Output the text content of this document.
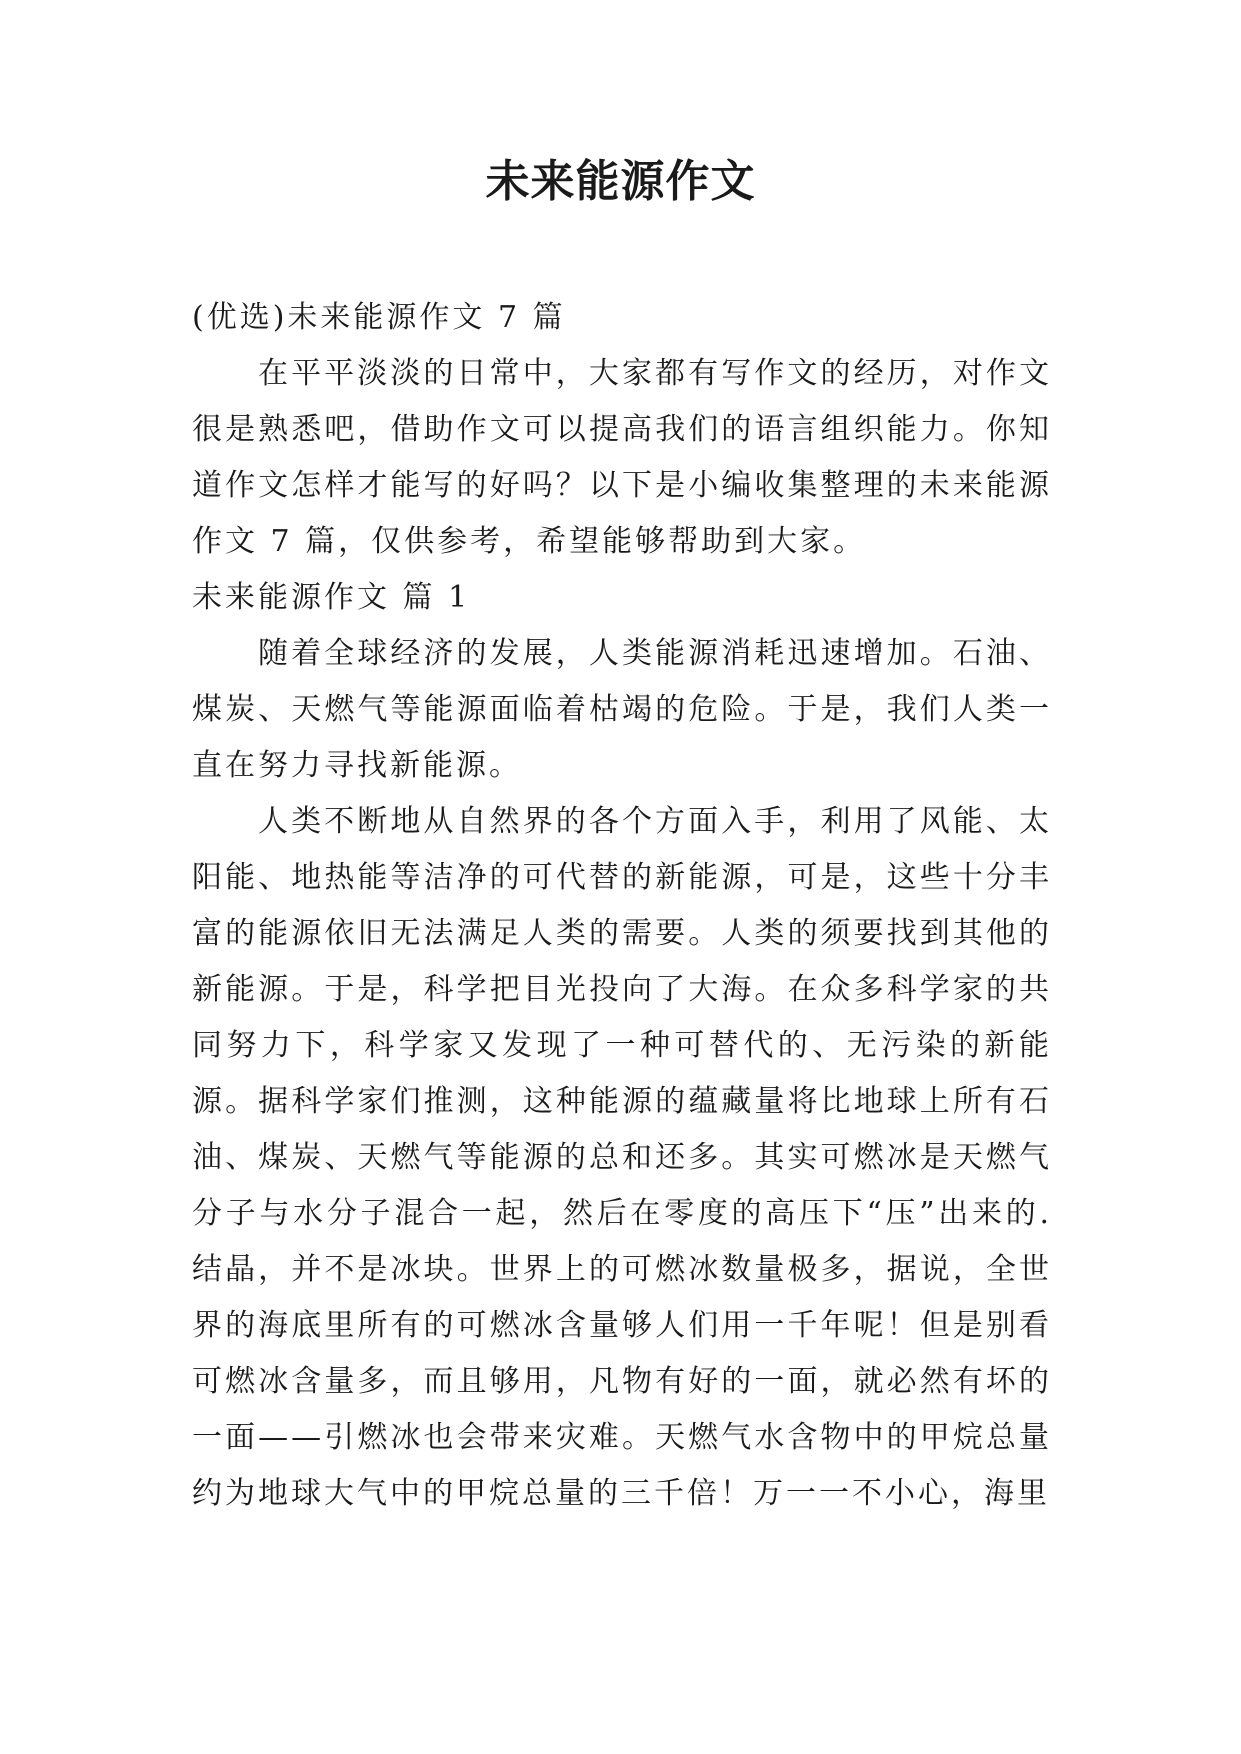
未来能源作文

(优选)未来能源作文 7 篇

在平平淡淡的日常中，大家都有写作文的经历，对作文很是熟悉吧，借助作文可以提高我们的语言组织能力。你知道作文怎样才能写的好吗？以下是小编收集整理的未来能源作文 7 篇，仅供参考，希望能够帮助到大家。

未来能源作文 篇 1

随着全球经济的发展，人类能源消耗迅速增加。石油、煤炭、天燃气等能源面临着枯竭的危险。于是，我们人类一直在努力寻找新能源。

人类不断地从自然界的各个方面入手，利用了风能、太阳能、地热能等洁净的可代替的新能源，可是，这些十分丰富的能源依旧无法满足人类的需要。人类的须要找到其他的新能源。于是，科学把目光投向了大海。在众多科学家的共同努力下，科学家又发现了一种可替代的、无污染的新能源。据科学家们推测，这种能源的蕴藏量将比地球上所有石油、煤炭、天燃气等能源的总和还多。其实可燃冰是天燃气分子与水分子混合一起，然后在零度的高压下“压”出来的.结晶，并不是冰块。世界上的可燃冰数量极多，据说，全世界的海底里所有的可燃冰含量够人们用一千年呢！但是别看可燃冰含量多，而且够用，凡物有好的一面，就必然有坏的一面——引燃冰也会带来灾难。天燃气水含物中的甲烷总量约为地球大气中的甲烷总量的三千倍！万一一不小心，海里
